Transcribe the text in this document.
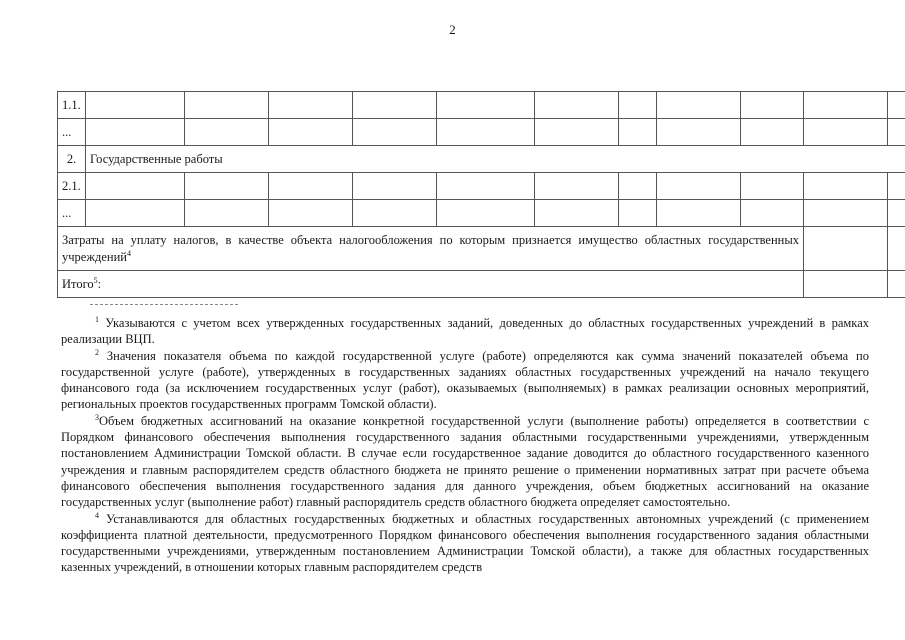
2
1.1.												
...												
2.	Государственные работы											
2.1.												
...												
Затраты на уплату налогов, в качестве объекта налогообложения по которым признается имущество областных государственных учреждений$^4$			
Итого$^5$:												

$^1$ Указываются с учетом всех утвержденных государственных заданий, доведенных до областных государственных учреждений в рамках реализации ВЦП.

$^2$ Значения показателя объема по каждой государственной услуге (работе) определяются как сумма значений показателей объема по государственной услуге (работе), утвержденных в государственных заданиях областных государственных учреждений на начало текущего финансового года (за исключением государственных услуг (работ), оказываемых (выполняемых) в рамках реализации основных мероприятий, региональных проектов государственных программ Томской области).

$^3$Объем бюджетных ассигнований на оказание конкретной государственной услуги (выполнение работы) определяется в соответствии с Порядком финансового обеспечения выполнения государственного задания областными государственными учреждениями, утвержденным постановлением Администрации Томской области. В случае если государственное задание доводится до областного государственного казенного учреждения и главным распорядителем средств областного бюджета не принято решение о применении нормативных затрат при расчете объема финансового обеспечения выполнения государственного задания для данного учреждения, объем бюджетных ассигнований на оказание государственных услуг (выполнение работ) главный распорядитель средств областного бюджета определяет самостоятельно.

$^4$ Устанавливаются для областных государственных бюджетных и областных государственных автономных учреждений (с применением коэффициента платной деятельности, предусмотренного Порядком финансового обеспечения выполнения государственного задания областными государственными учреждениями, утвержденным постановлением Администрации Томской области), а также для областных государственных казенных учреждений, в отношении которых главным распорядителем средств
